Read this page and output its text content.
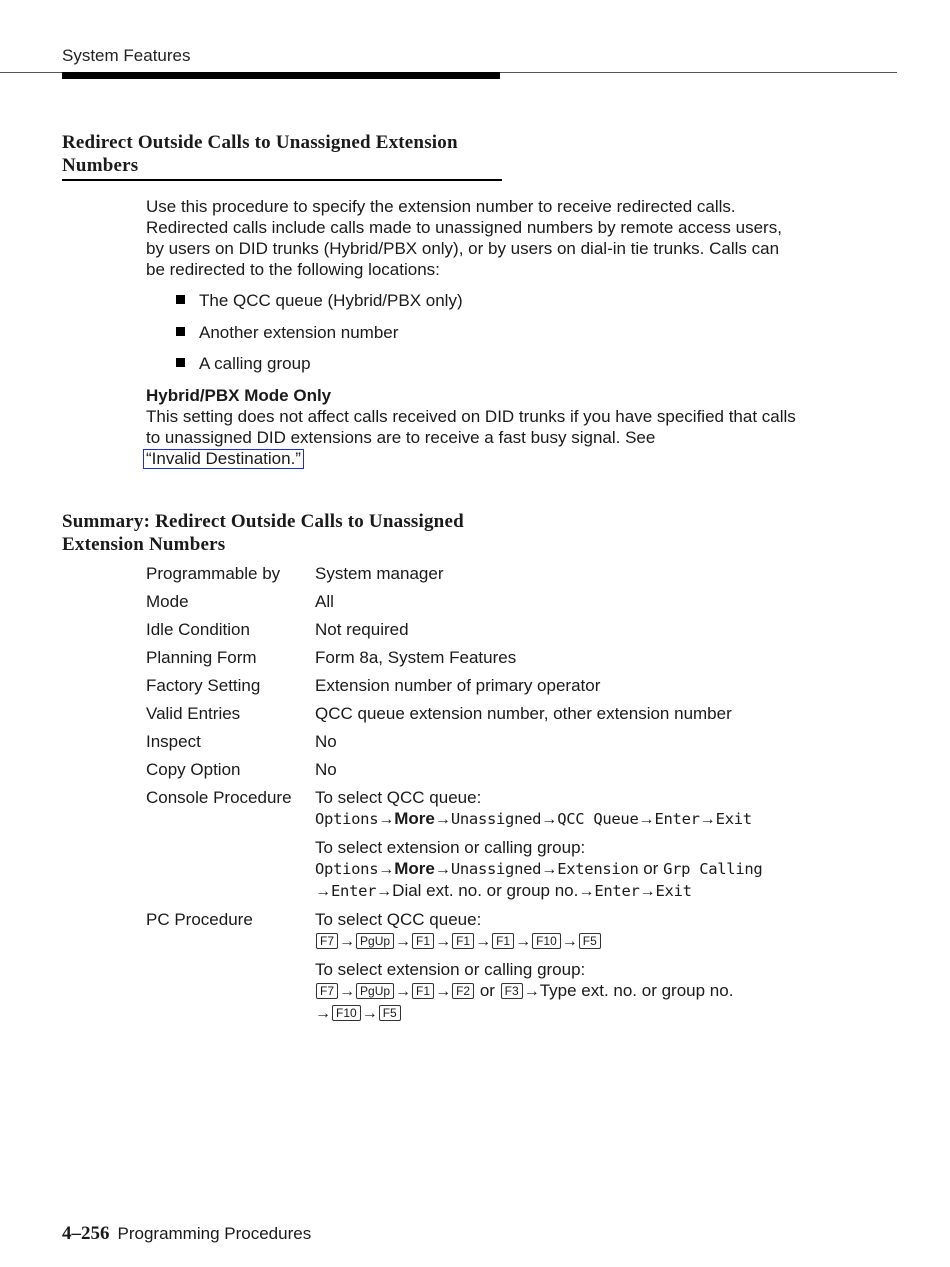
System Features
Redirect Outside Calls to Unassigned Extension Numbers

Use this procedure to specify the extension number to receive redirected calls. Redirected calls include calls made to unassigned numbers by remote access users, by users on DID trunks (Hybrid/PBX only), or by users on dial-in tie trunks. Calls can be redirected to the following locations:

The QCC queue (Hybrid/PBX only)
Another extension number
A calling group

Hybrid/PBX Mode Only

This setting does not affect calls received on DID trunks if you have specified that calls to unassigned DID extensions are to receive a fast busy signal. See
“Invalid Destination.”

Summary: Redirect Outside Calls to Unassigned Extension Numbers
Programmable by	System manager
Mode	All
Idle Condition	Not required
Planning Form	Form 8a, System Features
Factory Setting	Extension number of primary operator
Valid Entries	QCC queue extension number, other extension number
Inspect	No
Copy Option	No
Console Procedure	To select QCC queue:
Options→More→Unassigned→QCC Queue→Enter→Exit
To select extension or calling group:
Options→More→Unassigned→Extension or Grp Calling
→Enter→Dial ext. no. or group no.→Enter→Exit
PC Procedure	To select QCC queue:
F7 → PgUp → F1 → F1 → F1 → F10 → F5
To select extension or calling group:
F7 → PgUp → F1 → F2 or F3 →Type ext. no. or group no.
→ F10 → F5
4–256 Programming Procedures
